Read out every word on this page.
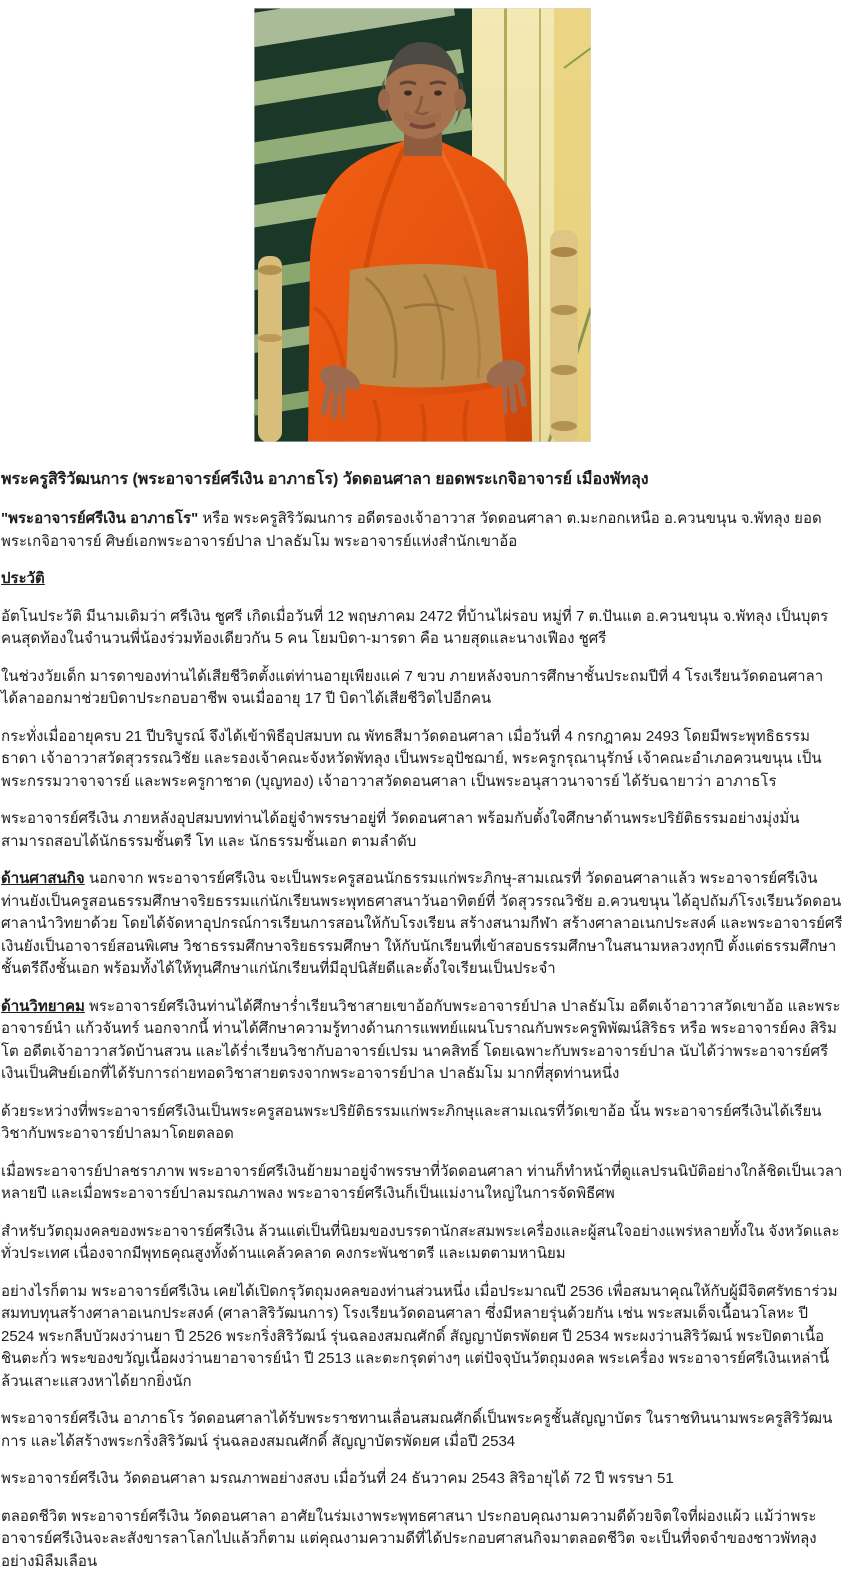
พระครูสิริวัฒนการ (พระอาจารย์ศรีเงิน อาภาธโร) วัดดอนศาลา ยอดพระเกจิอาจารย์ เมืองพัทลุง

"พระอาจารย์ศรีเงิน อาภาธโร" หรือ พระครูสิริวัฒนการ อดีตรองเจ้าอาวาส วัดดอนศาลา ต.มะกอกเหนือ อ.ควนขนุน จ.พัทลุง ยอดพระเกจิอาจารย์ ศิษย์เอกพระอาจารย์ปาล ปาลธัมโม พระอาจารย์แห่งสำนักเขาอ้อ

ประวัติ

อัตโนประวัติ มีนามเดิมว่า ศรีเงิน ชูศรี เกิดเมื่อวันที่ 12 พฤษภาคม 2472 ที่บ้านไผ่รอบ หมู่ที่ 7 ต.ปันแต อ.ควนขนุน จ.พัทลุง เป็นบุตรคนสุดท้องในจำนวนพี่น้องร่วมท้องเดียวกัน 5 คน โยมบิดา-มารดา คือ นายสุดและนางเฟือง ชูศรี

ในช่วงวัยเด็ก มารดาของท่านได้เสียชีวิตตั้งแต่ท่านอายุเพียงแค่ 7 ขวบ ภายหลังจบการศึกษาชั้นประถมปีที่ 4 โรงเรียนวัดดอนศาลา ได้ลาออกมาช่วยบิดาประกอบอาชีพ จนเมื่ออายุ 17 ปี บิดาได้เสียชีวิตไปอีกคน

กระทั่งเมื่ออายุครบ 21 ปีบริบูรณ์ จึงได้เข้าพิธีอุปสมบท ณ พัทธสีมาวัดดอนศาลา เมื่อวันที่ 4 กรกฎาคม 2493 โดยมีพระพุทธิธรรมธาดา เจ้าอาวาสวัดสุวรรณวิชัย และรองเจ้าคณะจังหวัดพัทลุง เป็นพระอุปัชฌาย์, พระครูกรุณานุรักษ์ เจ้าคณะอำเภอควนขนุน เป็นพระกรรมวาจาจารย์ และพระครูกาชาด (บุญทอง) เจ้าอาวาสวัดดอนศาลา เป็นพระอนุสาวนาจารย์ ได้รับฉายาว่า อาภาธโร

พระอาจารย์ศรีเงิน ภายหลังอุปสมบทท่านได้อยู่จำพรรษาอยู่ที่ วัดดอนศาลา พร้อมกับตั้งใจศึกษาด้านพระปริยัติธรรมอย่างมุ่งมั่น สามารถสอบได้นักธรรมชั้นตรี โท และ นักธรรมชั้นเอก ตามลำดับ

ด้านศาสนกิจ นอกจาก พระอาจารย์ศรีเงิน จะเป็นพระครูสอนนักธรรมแก่พระภิกษุ-สามเณรที่ วัดดอนศาลาแล้ว พระอาจารย์ศรีเงินท่านยังเป็นครูสอนธรรมศึกษาจริยธรรมแก่นักเรียนพระพุทธศาสนาวันอาทิตย์ที่ วัดสุวรรณวิชัย อ.ควนขนุน ได้อุปถัมภ์โรงเรียนวัดดอนศาลานำวิทยาด้วย โดยได้จัดหาอุปกรณ์การเรียนการสอนให้กับโรงเรียน สร้างสนามกีฬา สร้างศาลาอเนกประสงค์ และพระอาจารย์ศรีเงินยังเป็นอาจารย์สอนพิเศษ วิชาธรรมศึกษาจริยธรรมศึกษา ให้กับนักเรียนที่เข้าสอบธรรมศึกษาในสนามหลวงทุกปี ตั้งแต่ธรรมศึกษาชั้นตรีถึงชั้นเอก พร้อมทั้งได้ให้ทุนศึกษาแก่นักเรียนที่มีอุปนิสัยดีและตั้งใจเรียนเป็นประจำ

ด้านวิทยาคม พระอาจารย์ศรีเงินท่านได้ศึกษาร่ำเรียนวิชาสายเขาอ้อกับพระอาจารย์ปาล ปาลธัมโม อดีตเจ้าอาวาสวัดเขาอ้อ และพระอาจารย์นำ แก้วจันทร์ นอกจากนี้ ท่านได้ศึกษาความรู้ทางด้านการแพทย์แผนโบราณกับพระครูพิพัฒน์สิริธร หรือ พระอาจารย์คง สิริมโต อดีตเจ้าอาวาสวัดบ้านสวน และได้ร่ำเรียนวิชากับอาจารย์เปรม นาคสิทธิ์ โดยเฉพาะกับพระอาจารย์ปาล นับได้ว่าพระอาจารย์ศรีเงินเป็นศิษย์เอกที่ได้รับการถ่ายทอดวิชาสายตรงจากพระอาจารย์ปาล ปาลธัมโม มากที่สุดท่านหนึ่ง

ด้วยระหว่างที่พระอาจารย์ศรีเงินเป็นพระครูสอนพระปริยัติธรรมแก่พระภิกษุและสามเณรที่วัดเขาอ้อ นั้น พระอาจารย์ศรีเงินได้เรียนวิชากับพระอาจารย์ปาลมาโดยตลอด

เมื่อพระอาจารย์ปาลชราภาพ พระอาจารย์ศรีเงินย้ายมาอยู่จำพรรษาที่วัดดอนศาลา ท่านก็ทำหน้าที่ดูแลปรนนิบัติอย่างใกล้ชิดเป็นเวลาหลายปี และเมื่อพระอาจารย์ปาลมรณภาพลง พระอาจารย์ศรีเงินก็เป็นแม่งานใหญ่ในการจัดพิธีศพ

สำหรับวัตถุมงคลของพระอาจารย์ศรีเงิน ล้วนแต่เป็นที่นิยมของบรรดานักสะสมพระเครื่องและผู้สนใจอย่างแพร่หลายทั้งใน จังหวัดและทั่วประเทศ เนื่องจากมีพุทธคุณสูงทั้งด้านแคล้วคลาด คงกระพันชาตรี และเมตตามหานิยม

อย่างไรก็ตาม พระอาจารย์ศรีเงิน เคยได้เปิดกรุวัตถุมงคลของท่านส่วนหนึ่ง เมื่อประมาณปี 2536 เพื่อสมนาคุณให้กับผู้มีจิตศรัทธาร่วมสมทบทุนสร้างศาลาอเนกประสงค์ (ศาลาสิริวัฒนการ) โรงเรียนวัดดอนศาลา ซึ่งมีหลายรุ่นด้วยกัน เช่น พระสมเด็จเนื้อนวโลหะ ปี 2524 พระกลีบบัวผงว่านยา ปี 2526 พระกริ่งสิริวัฒน์ รุ่นฉลองสมณศักดิ์ สัญญาบัตรพัดยศ ปี 2534 พระผงว่านสิริวัฒน์ พระปิดตาเนื้อชินตะกั่ว พระของขวัญเนื้อผงว่านยาอาจารย์นำ ปี 2513 และตะกรุดต่างๆ แต่ปัจจุบันวัตถุมงคล พระเครื่อง พระอาจารย์ศรีเงินเหล่านี้ล้วนเสาะแสวงหาได้ยากยิ่งนัก

พระอาจารย์ศรีเงิน อาภาธโร วัดดอนศาลาได้รับพระราชทานเลื่อนสมณศักดิ์เป็นพระครูชั้นสัญญาบัตร ในราชทินนามพระครูสิริวัฒนการ และได้สร้างพระกริ่งสิริวัฒน์ รุ่นฉลองสมณศักดิ์ สัญญาบัตรพัดยศ เมื่อปี 2534

พระอาจารย์ศรีเงิน วัดดอนศาลา มรณภาพอย่างสงบ เมื่อวันที่ 24 ธันวาคม 2543 สิริอายุได้ 72 ปี พรรษา 51

ตลอดชีวิต พระอาจารย์ศรีเงิน วัดดอนศาลา อาศัยในร่มเงาพระพุทธศาสนา ประกอบคุณงามความดีด้วยจิตใจที่ผ่องแผ้ว แม้ว่าพระอาจารย์ศรีเงินจะละสังขารลาโลกไปแล้วก็ตาม แต่คุณงามความดีที่ได้ประกอบศาสนกิจมาตลอดชีวิต จะเป็นที่จดจำของชาวพัทลุงอย่างมิลืมเลือน
